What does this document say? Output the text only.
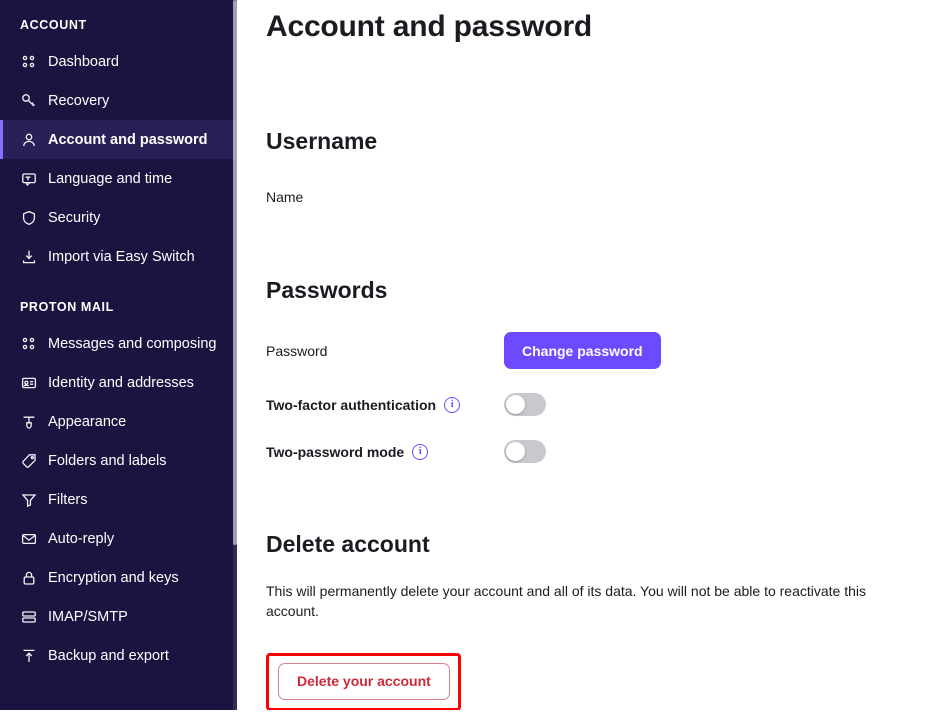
ACCOUNT
Dashboard
Recovery
Account and password
Language and time
Security
Import via Easy Switch
PROTON MAIL
Messages and composing
Identity and addresses
Appearance
Folders and labels
Filters
Auto-reply
Encryption and keys
IMAP/SMTP
Backup and export
Account and password
Username
Name
Passwords
Password	Change password
Two-factor authentication	i
Two-password mode	i
Delete account

This will permanently delete your account and all of its data. You will not be able to reactivate this account.

Delete your account
